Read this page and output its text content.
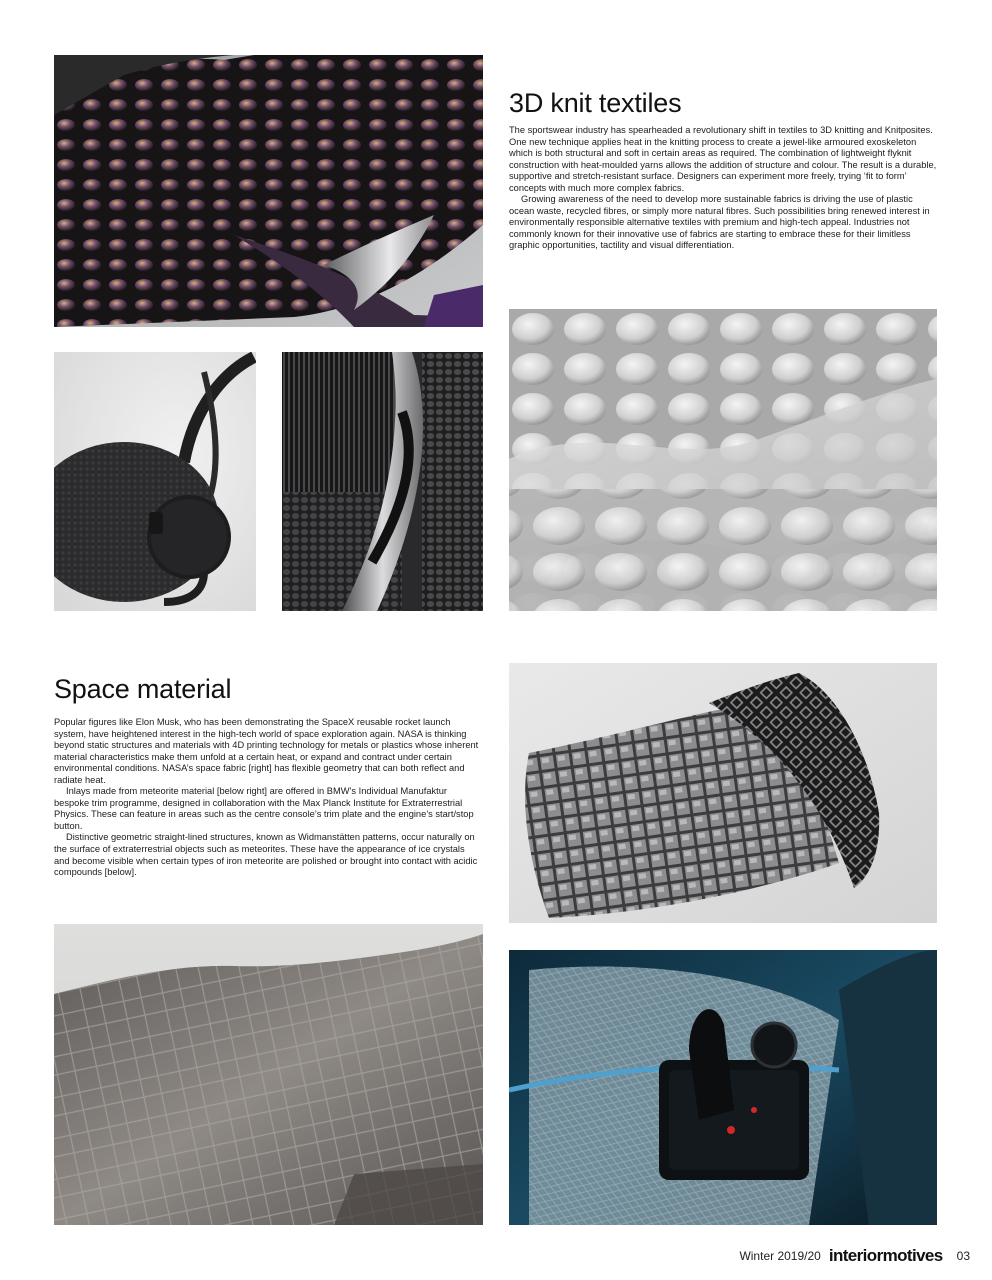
3D knit textiles

The sportswear industry has spearheaded a revolutionary shift in textiles to 3D knitting and Knitposites. One new technique applies heat in the knitting process to create a jewel-like armoured exoskeleton which is both structural and soft in certain areas as required. The combination of lightweight flyknit construction with heat-moulded yarns allows the addition of structure and colour. The result is a durable, supportive and stretch-resistant surface. Designers can experiment more freely, trying ‘fit to form’ concepts with much more complex fabrics.

Growing awareness of the need to develop more sustainable fabrics is driving the use of plastic ocean waste, recycled fibres, or simply more natural fibres. Such possibilities bring renewed interest in environmentally responsible alternative textiles with premium and high-tech appeal. Industries not commonly known for their innovative use of fabrics are starting to embrace these for their limitless graphic opportunities, tactility and visual differentiation.

Space material

Popular figures like Elon Musk, who has been demonstrating the SpaceX reusable rocket launch system, have heightened interest in the high-tech world of space exploration again. NASA is thinking beyond static structures and materials with 4D printing technology for metals or plastics whose inherent material characteristics make them unfold at a certain heat, or expand and contract under certain environmental conditions. NASA’s space fabric [right] has flexible geometry that can both reflect and radiate heat.

Inlays made from meteorite material [below right] are offered in BMW’s Individual Manufaktur bespoke trim programme, designed in collaboration with the Max Planck Institute for Extraterrestrial Physics. These can feature in areas such as the centre console’s trim plate and the engine’s start/stop button.

Distinctive geometric straight-lined structures, known as Widmanstätten patterns, occur naturally on the surface of extraterrestrial objects such as meteorites. These have the appearance of ice crystals and become visible when certain types of iron meteorite are polished or brought into contact with acidic compounds [below].

Winter 2019/20 interiormotives 03
